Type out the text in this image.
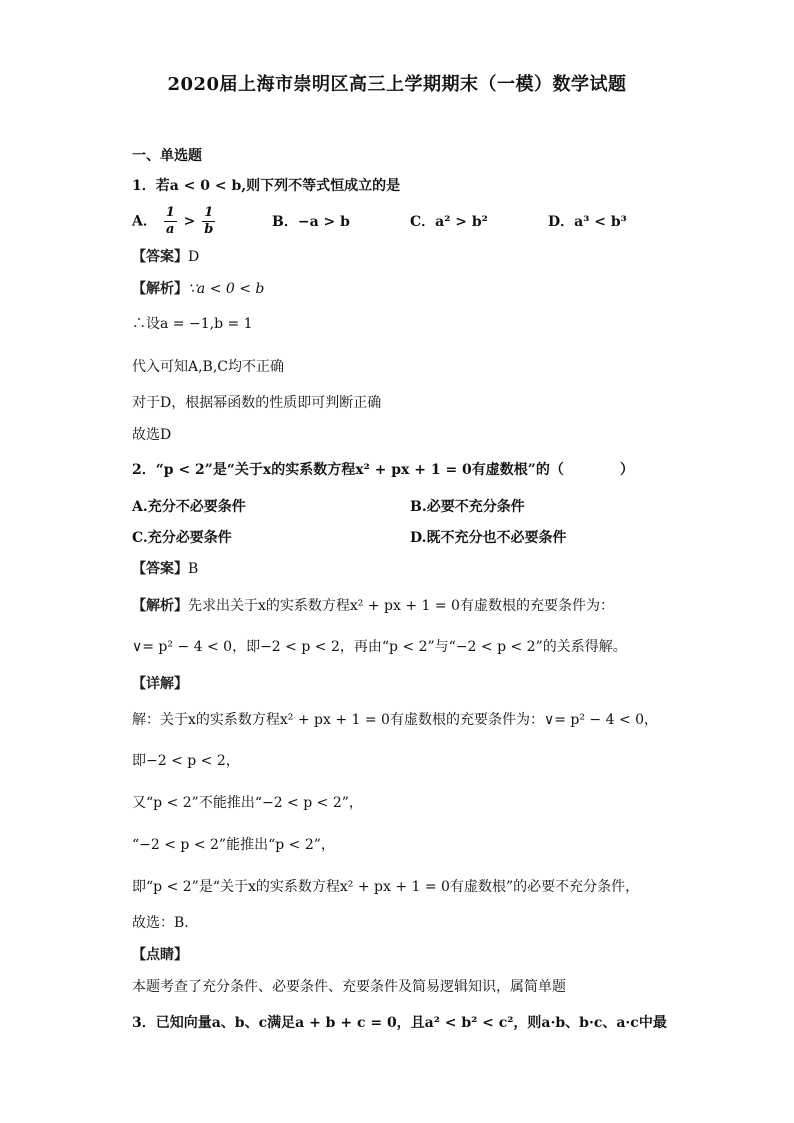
2020届上海市崇明区高三上学期期末（一模）数学试题
一、单选题
1．若a < 0 < b,则下列不等式恒成立的是
A． $\frac{1}{a} > \frac{1}{b}$	B．−a > b	C．a² > b²	D．a³ < b³
【答案】D
【解析】∵a < 0 < b
∴设a = −1,b = 1
代入可知A,B,C均不正确
对于D，根据幂函数的性质即可判断正确
故选D
2．“p < 2”是“关于x的实系数方程x² + px + 1 = 0有虚数根”的（　　　　）
A.充分不必要条件	B.必要不充分条件
C.充分必要条件	D.既不充分也不必要条件
【答案】B
【解析】先求出关于x的实系数方程x² + px + 1 = 0有虚数根的充要条件为：
∨= p² − 4 < 0，即−2 < p < 2，再由“p < 2”与“−2 < p < 2”的关系得解。
【详解】
解：关于x的实系数方程x² + px + 1 = 0有虚数根的充要条件为：∨= p² − 4 < 0，
即−2 < p < 2，
又“p < 2”不能推出“−2 < p < 2”，
“−2 < p < 2”能推出“p < 2”，
即“p < 2”是“关于x的实系数方程x² + px + 1 = 0有虚数根”的必要不充分条件，
故选：B.
【点睛】
本题考查了充分条件、必要条件、充要条件及简易逻辑知识，属简单题
3．已知向量a、b、c满足a + b + c = 0，且a² < b² < c²，则a·b、b·c、a·c中最
